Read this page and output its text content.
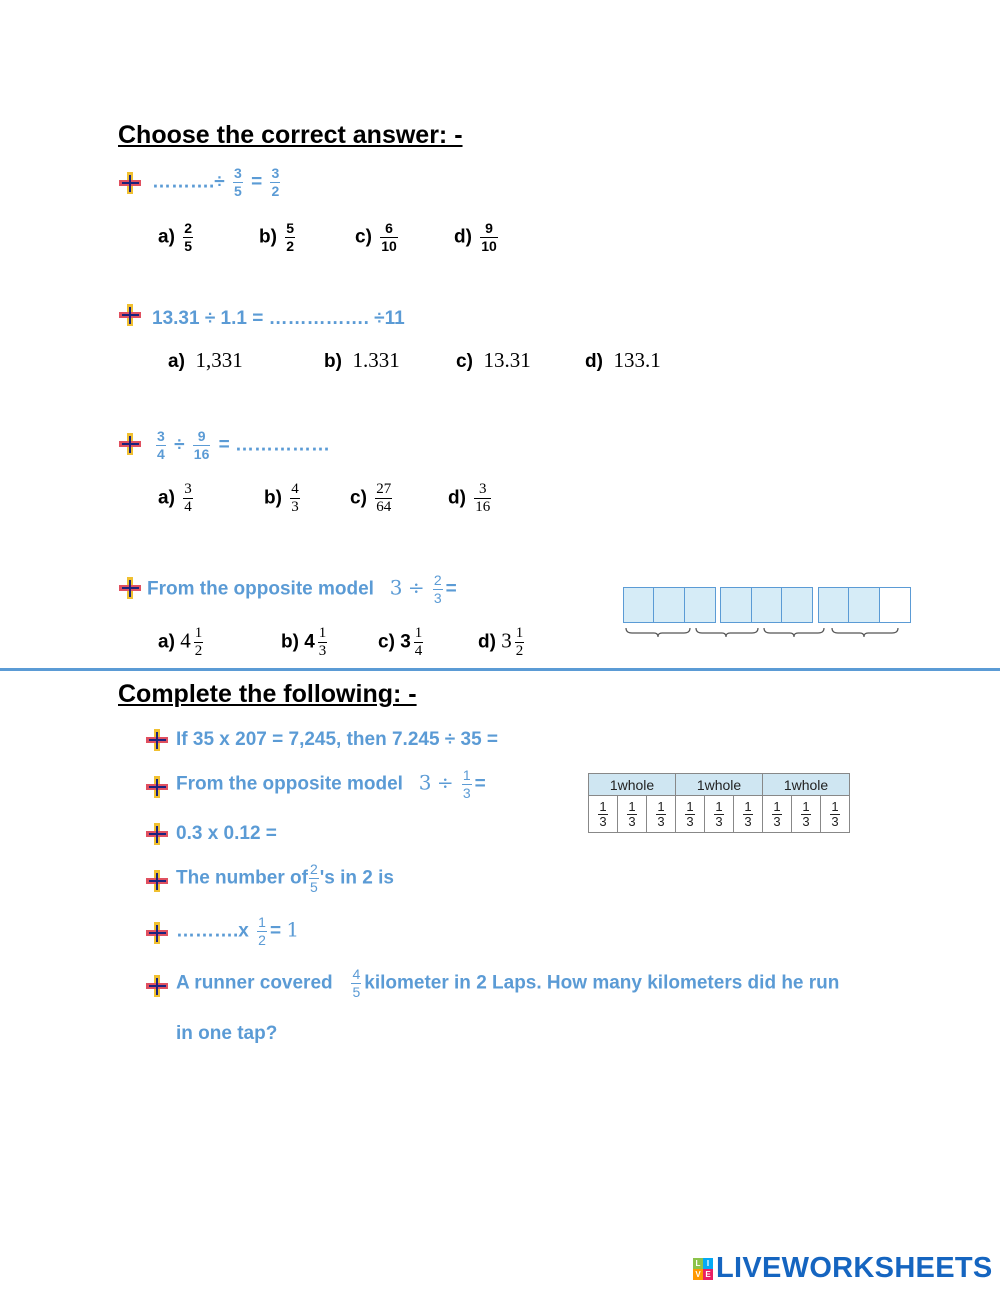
Choose the correct answer: -
……….÷ $\frac{3}{5} = \frac{3}{2}$
$a) \frac{2}{5}$	$b) \frac{5}{2}$	$c) \frac{6}{10}$	$d) \frac{9}{10}$
13.31 ÷ 1.1 = ……………. ÷11
a) 1,331	b) 1.331	c) 13.31	d) 133.1
$\frac{3}{4} \div \frac{9}{16}$ = ……………
$a) \frac{3}{4}$	$b) \frac{4}{3}$	$c) \frac{27}{64}$	$d) \frac{3}{16}$
From the opposite model $3 \div \frac{2}{3}$ =
a) $4 \frac{1}{2}$	b) $4 \frac{1}{3}$	c) $3 \frac{1}{4}$	d) $3 \frac{1}{2}$
Complete the following: -
If 35 x 207 = 7,245, then 7.245 ÷ 35 =
From the opposite model $3 \div \frac{1}{3}$ =
0.3 x 0.12 =
The number of $\frac{2}{5}$ 's in 2 is
……….x $\frac{1}{2} = 1$
A runner covered $\frac{4}{5}$ kilometer in 2 Laps. How many kilometers did he run
in one tap?
1whole			1whole			1whole		

$\frac{1}{3}$	$\frac{1}{3}$	$\frac{1}{3}$	$\frac{1}{3}$	$\frac{1}{3}$	$\frac{1}{3}$	$\frac{1}{3}$	$\frac{1}{3}$	$\frac{1}{3}$
L I
V E LIVEWORKSHEETS
